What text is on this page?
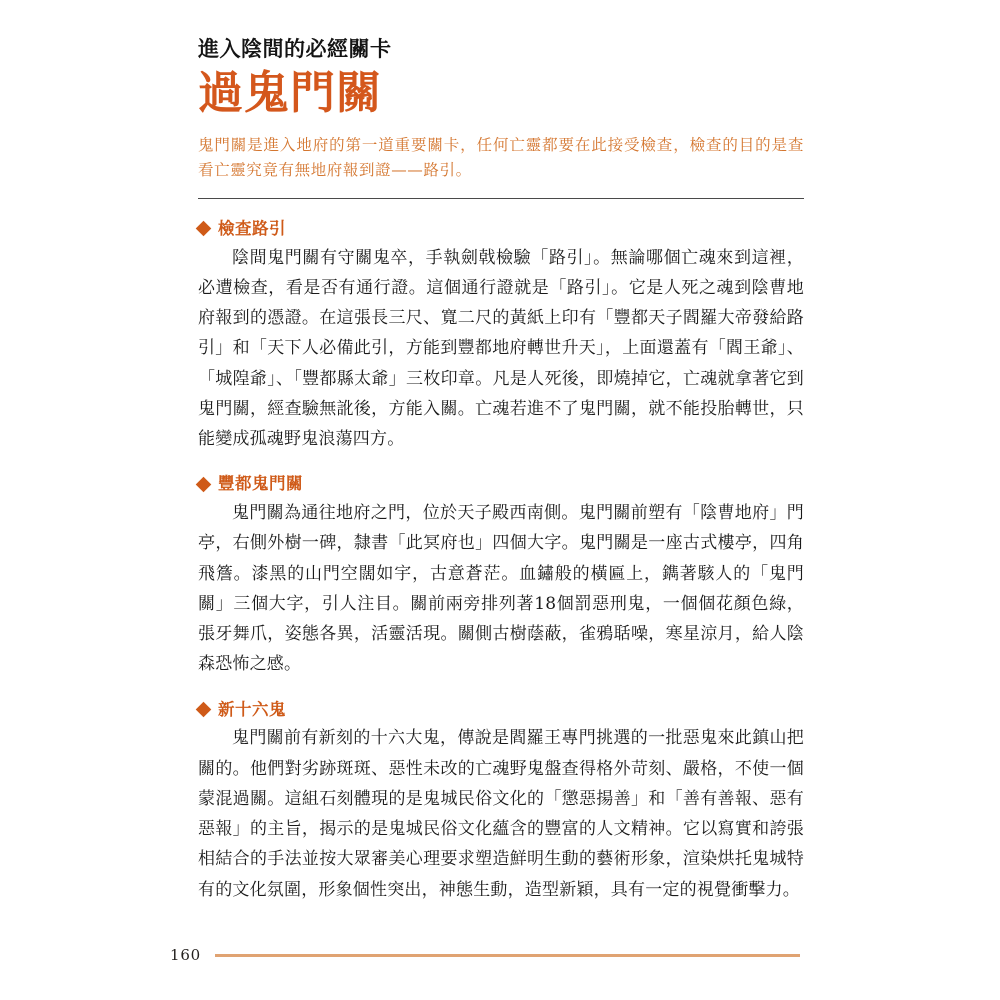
進入陰間的必經關卡
過鬼門關

鬼門關是進入地府的第一道重要關卡，任何亡靈都要在此接受檢查，檢查的目的是查看亡靈究竟有無地府報到證——路引。

檢查路引

陰間鬼門關有守關鬼卒，手執劍戟檢驗「路引」。無論哪個亡魂來到這裡，必遭檢查，看是否有通行證。這個通行證就是「路引」。它是人死之魂到陰曹地府報到的憑證。在這張長三尺、寬二尺的黃紙上印有「豐都天子閻羅大帝發給路引」和「天下人必備此引，方能到豐都地府轉世升天」，上面還蓋有「閻王爺」、「城隍爺」、「豐都縣太爺」三枚印章。凡是人死後，即燒掉它，亡魂就拿著它到鬼門關，經查驗無訛後，方能入關。亡魂若進不了鬼門關，就不能投胎轉世，只能變成孤魂野鬼浪蕩四方。

豐都鬼門關

鬼門關為通往地府之門，位於天子殿西南側。鬼門關前塑有「陰曹地府」門亭，右側外樹一碑，隸書「此冥府也」四個大字。鬼門關是一座古式樓亭，四角飛簷。漆黑的山門空闊如宇，古意蒼茫。血鏽般的橫匾上，鐫著駭人的「鬼門關」三個大字，引人注目。關前兩旁排列著18個罰惡刑鬼，一個個花顏色綠，張牙舞爪，姿態各異，活靈活現。關側古樹蔭蔽，雀鴉聒噪，寒星涼月，給人陰森恐怖之感。

新十六鬼

鬼門關前有新刻的十六大鬼，傳說是閻羅王專門挑選的一批惡鬼來此鎮山把關的。他們對劣跡斑斑、惡性未改的亡魂野鬼盤查得格外苛刻、嚴格，不使一個蒙混過關。這組石刻體現的是鬼城民俗文化的「懲惡揚善」和「善有善報、惡有惡報」的主旨，揭示的是鬼城民俗文化蘊含的豐富的人文精神。它以寫實和誇張相結合的手法並按大眾審美心理要求塑造鮮明生動的藝術形象，渲染烘托鬼城特有的文化氛圍，形象個性突出，神態生動，造型新穎，具有一定的視覺衝擊力。

160
